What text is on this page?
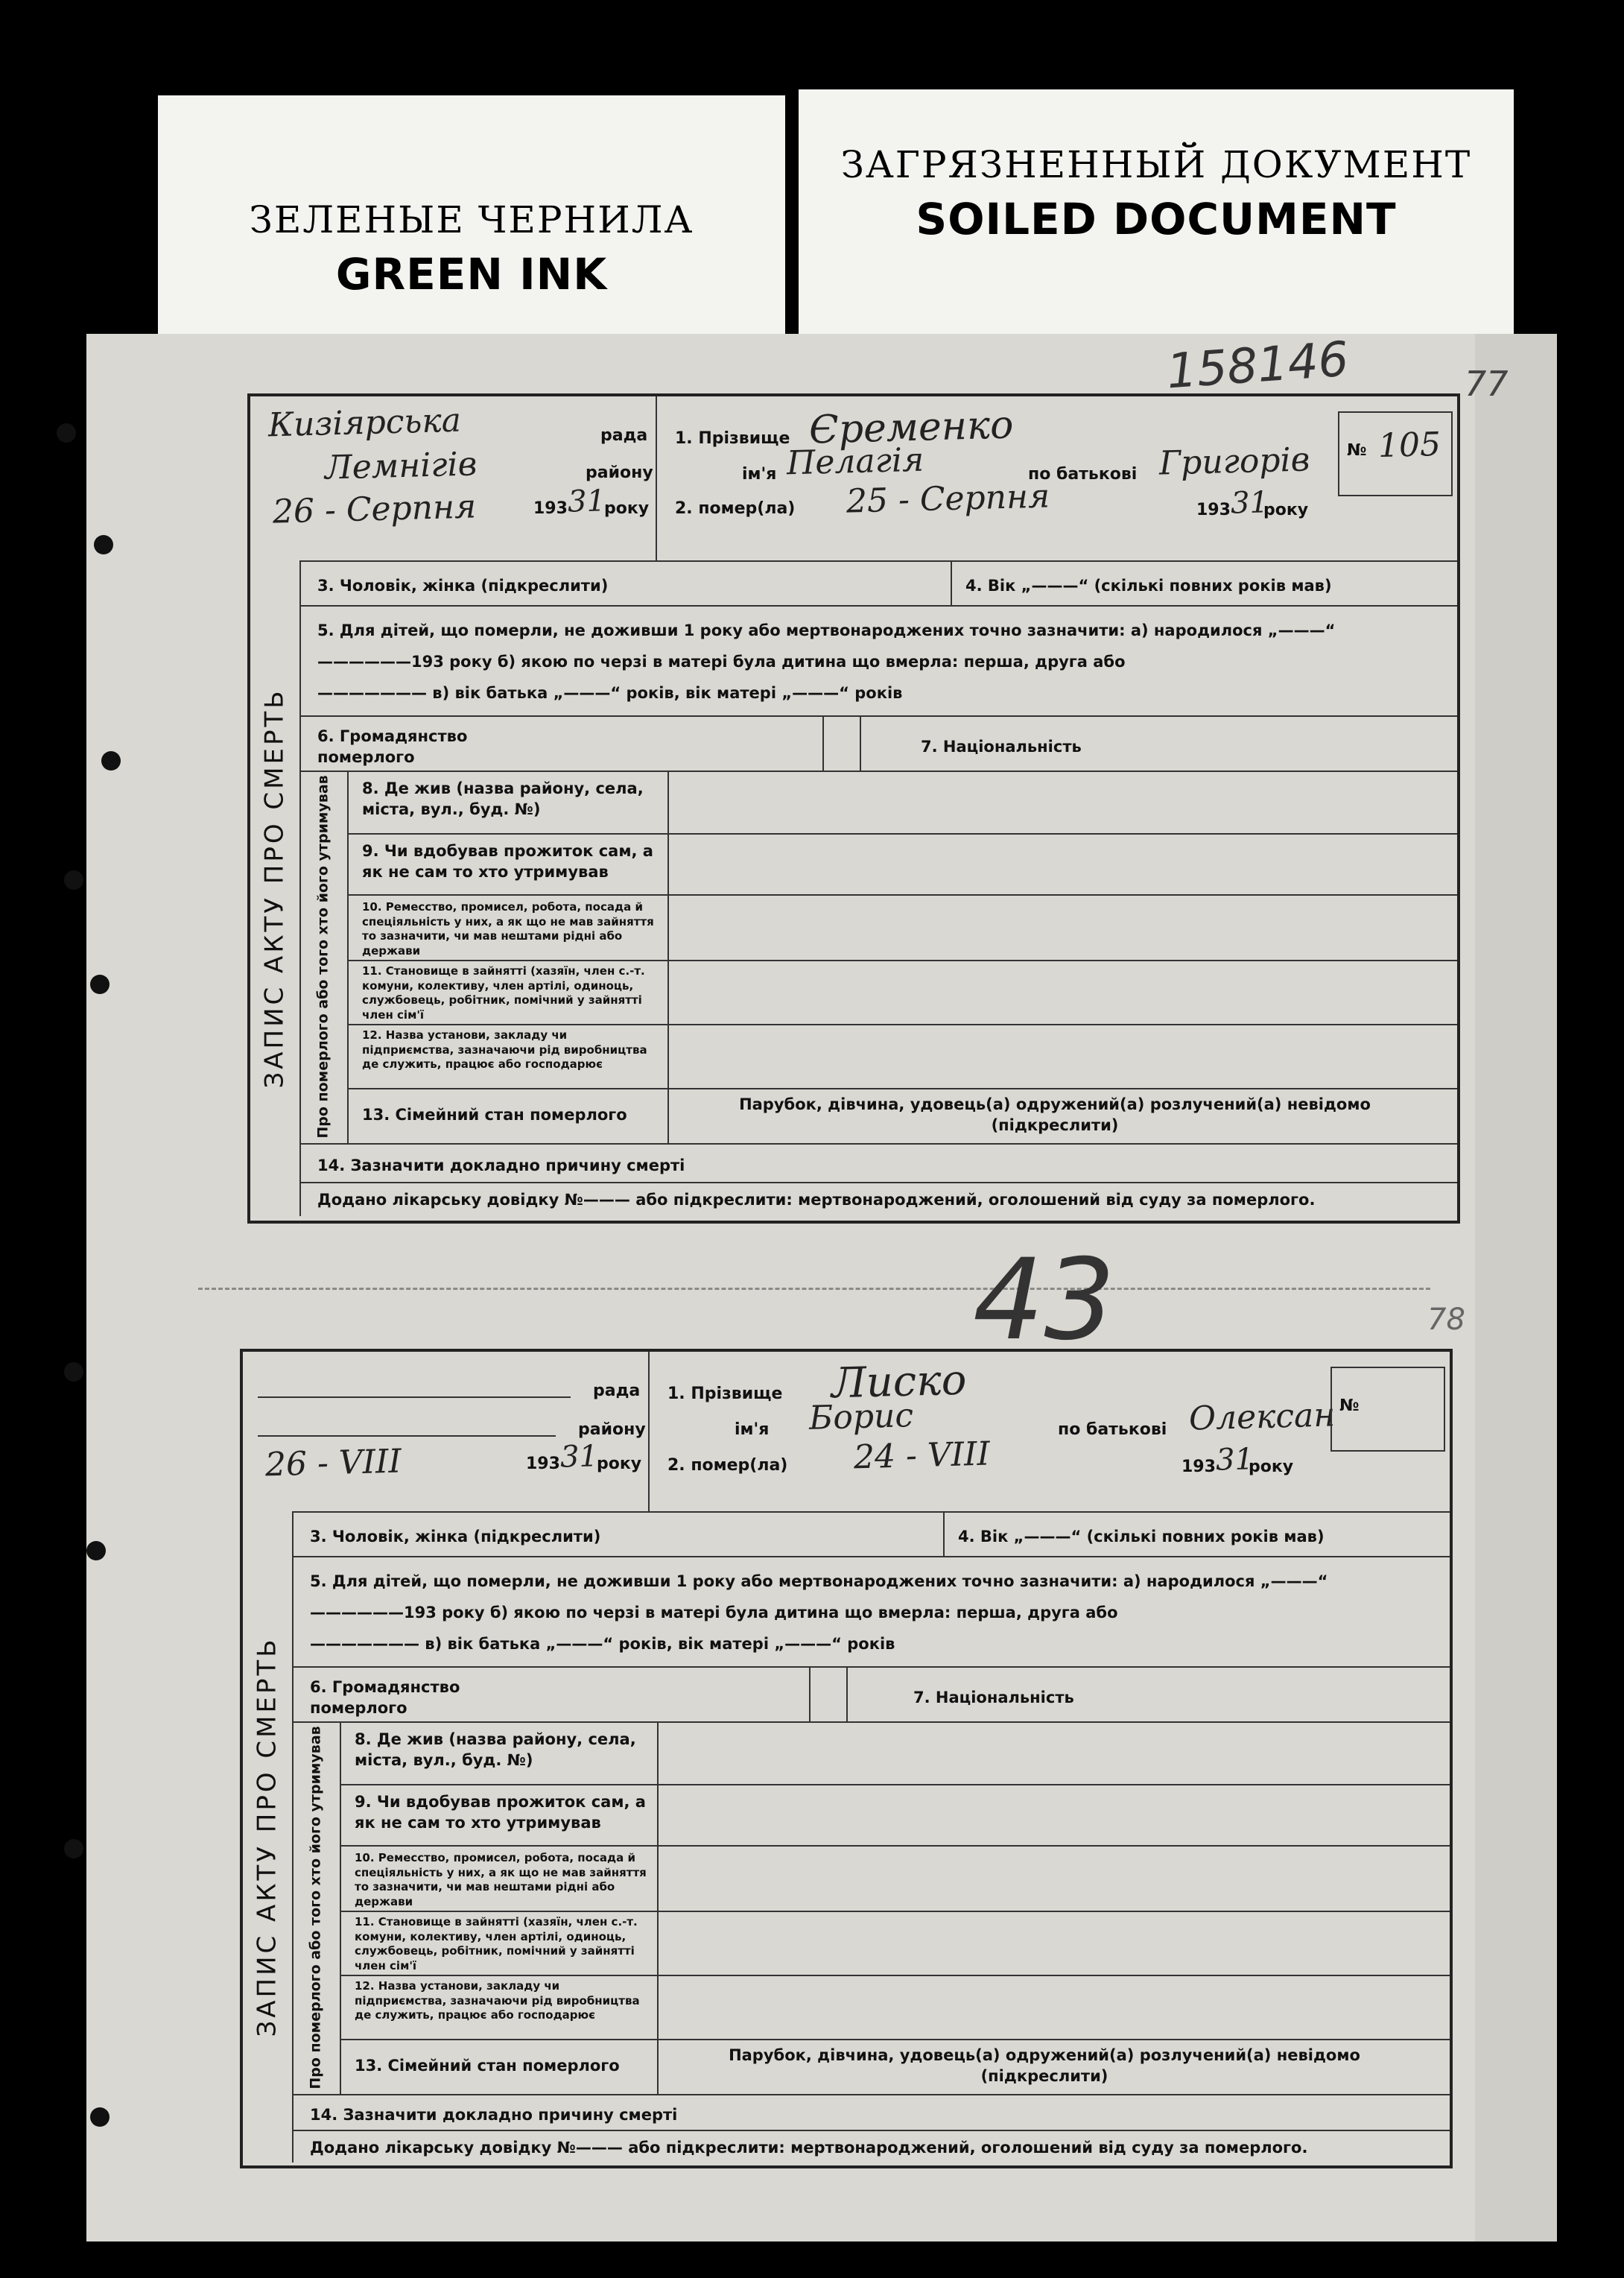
ЗЕЛЕНЫЕ ЧЕРНИЛА
GREEN INK
ЗАГРЯЗНЕННЫЙ ДОКУМЕНТ
SOILED DOCUMENT
158146	77
43	78
ЗАПИС АКТУ ПРО СМЕРТЬ
Кизіярська	рада
Лемнігів	району
26 - Серпня	193 31
року
1. Прізвище Єременко
ім'я Пелагія	по батькові Григорів
2. помер(ла) 25 - Серпня	193 31
року
№ 105
3. Чоловік, жінка (підкреслити)	4. Вік „———“ (скількі повних років мав)
5. Для дітей, що померли, не доживши 1 року або мертвонароджених точно зазначити: а) народилося „———“
——————193 року б) якою по черзі в матері була дитина що вмерла: перша, друга або
——————— в) вік батька „———“ років, вік матері „———“ років
6. Громадянство померлого
7. Національність
Про померлого або того хто його утримував 8. Де жив (назва району, села, міста, вул., буд. №)
9. Чи вдобував прожиток сам, а як не сам то хто утримував
10. Ремесство, промисел, робота, посада й спеціяльність у них, а як що не мав зайняття то зазначити, чи мав нештами рідні або держави
11. Становище в зайнятті (хазяїн, член с.-т. комуни, колективу, член артілі, одиноць, службовець, робітник, помічний у зайнятті член сім'ї
12. Назва установи, закладу чи підприємства, зазначаючи рід виробництва де служить, працює або господарює
13. Сімейний стан померлого
Парубок, дівчина, удовець(а) одружений(а) розлучений(а) невідомо (підкреслити)
14. Зазначити докладно причину смерті
Додано лікарську довідку №——— або підкреслити: мертвонароджений, оголошений від суду за померлого.
ЗАПИС АКТУ ПРО СМЕРТЬ
рада
району
26 - VIII	193 31
року
1. Прізвище Лиско
ім'я Борис	по батькові Олексан
2. помер(ла) 24 - VIII	193 31
року
№
3. Чоловік, жінка (підкреслити)	4. Вік „———“ (скількі повних років мав)
5. Для дітей, що померли, не доживши 1 року або мертвонароджених точно зазначити: а) народилося „———“
——————193 року б) якою по черзі в матері була дитина що вмерла: перша, друга або
——————— в) вік батька „———“ років, вік матері „———“ років
6. Громадянство померлого
7. Національність
Про померлого або того хто його утримував 8. Де жив (назва району, села, міста, вул., буд. №)
9. Чи вдобував прожиток сам, а як не сам то хто утримував
10. Ремесство, промисел, робота, посада й спеціяльність у них, а як що не мав зайняття то зазначити, чи мав нештами рідні або держави
11. Становище в зайнятті (хазяїн, член с.-т. комуни, колективу, член артілі, одиноць, службовець, робітник, помічний у зайнятті член сім'ї
12. Назва установи, закладу чи підприємства, зазначаючи рід виробництва де служить, працює або господарює
13. Сімейний стан померлого
Парубок, дівчина, удовець(а) одружений(а) розлучений(а) невідомо (підкреслити)
14. Зазначити докладно причину смерті
Додано лікарську довідку №——— або підкреслити: мертвонароджений, оголошений від суду за померлого.
